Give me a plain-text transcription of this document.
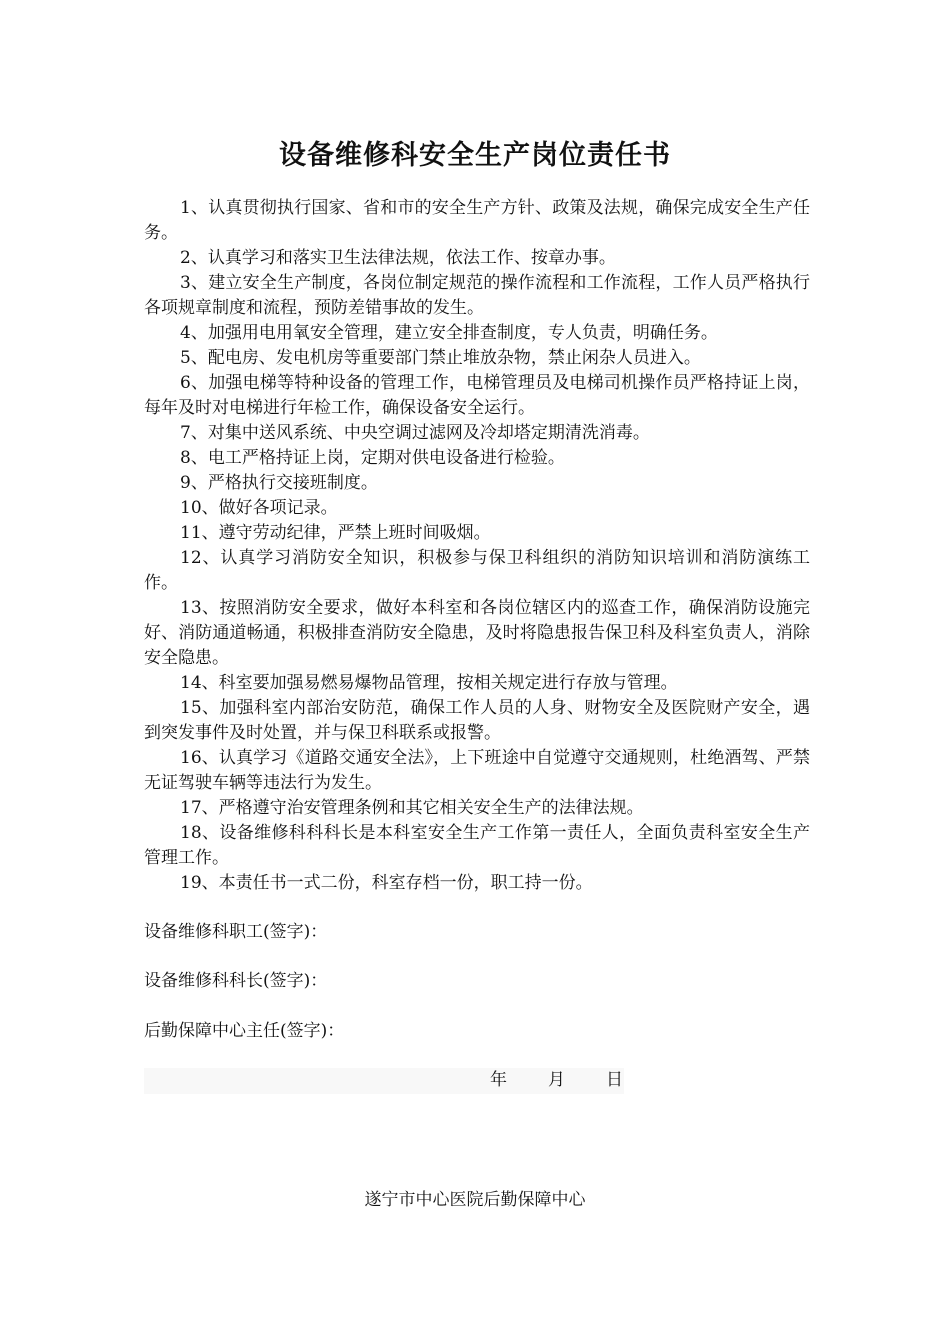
设备维修科安全生产岗位责任书

1、认真贯彻执行国家、省和市的安全生产方针、政策及法规，确保完成安全生产任务。

2、认真学习和落实卫生法律法规，依法工作、按章办事。

3、建立安全生产制度，各岗位制定规范的操作流程和工作流程，工作人员严格执行各项规章制度和流程，预防差错事故的发生。

4、加强用电用氧安全管理，建立安全排查制度，专人负责，明确任务。

5、配电房、发电机房等重要部门禁止堆放杂物，禁止闲杂人员进入。

6、加强电梯等特种设备的管理工作，电梯管理员及电梯司机操作员严格持证上岗，每年及时对电梯进行年检工作，确保设备安全运行。

7、对集中送风系统、中央空调过滤网及冷却塔定期清洗消毒。

8、电工严格持证上岗，定期对供电设备进行检验。

9、严格执行交接班制度。

10、做好各项记录。

11、遵守劳动纪律，严禁上班时间吸烟。

12、认真学习消防安全知识，积极参与保卫科组织的消防知识培训和消防演练工作。

13、按照消防安全要求，做好本科室和各岗位辖区内的巡查工作，确保消防设施完好、消防通道畅通，积极排查消防安全隐患，及时将隐患报告保卫科及科室负责人，消除安全隐患。

14、科室要加强易燃易爆物品管理，按相关规定进行存放与管理。

15、加强科室内部治安防范，确保工作人员的人身、财物安全及医院财产安全，遇到突发事件及时处置，并与保卫科联系或报警。

16、认真学习《道路交通安全法》，上下班途中自觉遵守交通规则，杜绝酒驾、严禁无证驾驶车辆等违法行为发生。

17、严格遵守治安管理条例和其它相关安全生产的法律法规。

18、设备维修科科科长是本科室安全生产工作第一责任人，全面负责科室安全生产管理工作。

19、本责任书一式二份，科室存档一份，职工持一份。

设备维修科职工(签字)：
设备维修科科长(签字)：
后勤保障中心主任(签字)：
年 月 日
遂宁市中心医院后勤保障中心
